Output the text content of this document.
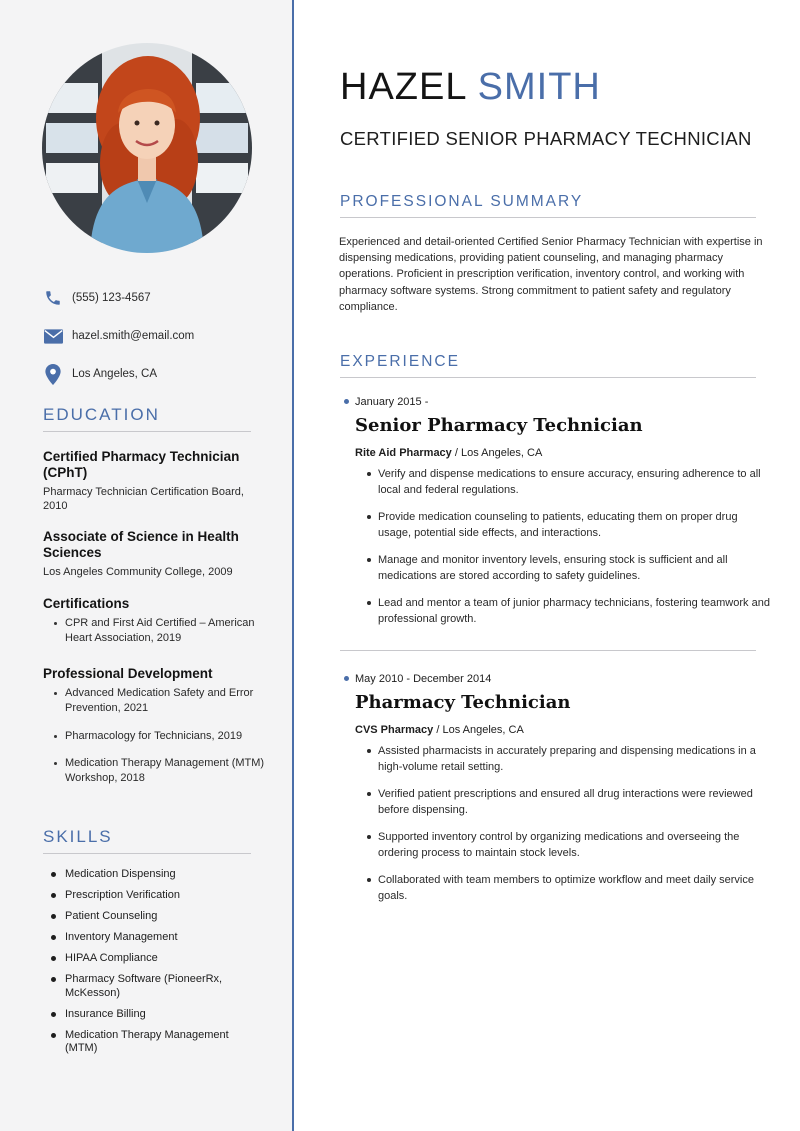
(555) 123-4567
hazel.smith@email.com
Los Angeles, CA
EDUCATION
Certified Pharmacy Technician (CPhT)
Pharmacy Technician Certification Board, 2010
Associate of Science in Health Sciences
Los Angeles Community College, 2009
Certifications
CPR and First Aid Certified – American Heart Association, 2019
Professional Development
Advanced Medication Safety and Error Prevention, 2021
Pharmacology for Technicians, 2019
Medication Therapy Management (MTM) Workshop, 2018
SKILLS
Medication Dispensing
Prescription Verification
Patient Counseling
Inventory Management
HIPAA Compliance
Pharmacy Software (PioneerRx, McKesson)
Insurance Billing
Medication Therapy Management (MTM)
HAZEL SMITH
CERTIFIED SENIOR PHARMACY TECHNICIAN
PROFESSIONAL SUMMARY

Experienced and detail-oriented Certified Senior Pharmacy Technician with expertise in dispensing medications, providing patient counseling, and managing pharmacy operations. Proficient in prescription verification, inventory control, and working with pharmacy software systems. Strong commitment to patient safety and regulatory compliance.

EXPERIENCE
January 2015 -
Senior Pharmacy Technician
Rite Aid Pharmacy / Los Angeles, CA
Verify and dispense medications to ensure accuracy, ensuring adherence to all local and federal regulations.
Provide medication counseling to patients, educating them on proper drug usage, potential side effects, and interactions.
Manage and monitor inventory levels, ensuring stock is sufficient and all medications are stored according to safety guidelines.
Lead and mentor a team of junior pharmacy technicians, fostering teamwork and professional growth.
May 2010 - December 2014
Pharmacy Technician
CVS Pharmacy / Los Angeles, CA
Assisted pharmacists in accurately preparing and dispensing medications in a high-volume retail setting.
Verified patient prescriptions and ensured all drug interactions were reviewed before dispensing.
Supported inventory control by organizing medications and overseeing the ordering process to maintain stock levels.
Collaborated with team members to optimize workflow and meet daily service goals.
